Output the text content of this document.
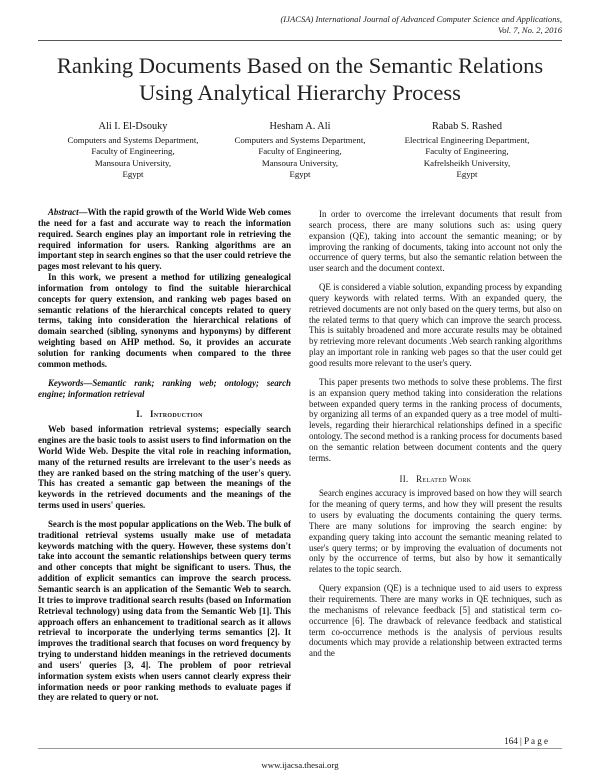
(IJACSA) International Journal of Advanced Computer Science and Applications,
Vol. 7, No. 2, 2016
Ranking Documents Based on the Semantic Relations
Using Analytical Hierarchy Process
Ali I. El-Dsouky
Computers and Systems Department,
Faculty of Engineering,
Mansoura University,
Egypt
Hesham A. Ali
Computers and Systems Department,
Faculty of Engineering,
Mansoura University,
Egypt
Rabab S. Rashed
Electrical Engineering Department,
Faculty of Engineering,
Kafrelsheikh University,
Egypt

Abstract—With the rapid growth of the World Wide Web comes the need for a fast and accurate way to reach the information required. Search engines play an important role in retrieving the required information for users. Ranking algorithms are an important step in search engines so that the user could retrieve the pages most relevant to his query.

In this work, we present a method for utilizing genealogical information from ontology to find the suitable hierarchical concepts for query extension, and ranking web pages based on semantic relations of the hierarchical concepts related to query terms, taking into consideration the hierarchical relations of domain searched (sibling, synonyms and hyponyms) by different weighting based on AHP method. So, it provides an accurate solution for ranking documents when compared to the three common methods.

Keywords—Semantic rank; ranking web; ontology; search engine; information retrieval

I. Introduction

Web based information retrieval systems; especially search engines are the basic tools to assist users to find information on the World Wide Web. Despite the vital role in reaching information, many of the returned results are irrelevant to the user's needs as they are ranked based on the string matching of the user's query. This has created a semantic gap between the meanings of the keywords in the retrieved documents and the meanings of the terms used in users' queries.

Search is the most popular applications on the Web. The bulk of traditional retrieval systems usually make use of metadata keywords matching with the query. However, these systems don't take into account the semantic relationships between query terms and other concepts that might be significant to users. Thus, the addition of explicit semantics can improve the search process. Semantic search is an application of the Semantic Web to search. It tries to improve traditional search results (based on Information Retrieval technology) using data from the Semantic Web [1]. This approach offers an enhancement to traditional search as it allows retrieval to incorporate the underlying terms semantics [2]. It improves the traditional search that focuses on word frequency by trying to understand hidden meanings in the retrieved documents and users' queries [3, 4]. The problem of poor retrieval information system exists when users cannot clearly express their information needs or poor ranking methods to evaluate pages if they are related to query or not.

In order to overcome the irrelevant documents that result from search process, there are many solutions such as: using query expansion (QE), taking into account the semantic meaning; or by improving the ranking of documents, taking into account not only the occurrence of query terms, but also the semantic relation between the user search and the document context.

QE is considered a viable solution, expanding process by expanding query keywords with related terms. With an expanded query, the retrieved documents are not only based on the query terms, but also on the related terms to that query which can improve the search process. This is suitably broadened and more accurate results may be obtained by retrieving more relevant documents .Web search ranking algorithms play an important role in ranking web pages so that the user could get good results more relevant to the user's query.

This paper presents two methods to solve these problems. The first is an expansion query method taking into consideration the relations between expanded query terms in the ranking process of documents, by organizing all terms of an expanded query as a tree model of multi-levels, regarding their hierarchical relationships defined in a specific ontology. The second method is a ranking process for documents based on the semantic relation between document contents and the query terms.

II. Related Work

Search engines accuracy is improved based on how they will search for the meaning of query terms, and how they will present the results to users by evaluating the documents containing the query terms. There are many solutions for improving the search engine: by expanding query taking into account the semantic meaning related to user's query terms; or by improving the evaluation of documents not only by the occurrence of terms, but also by how it semantically relates to the topic search.

Query expansion (QE) is a technique used to aid users to express their requirements. There are many works in QE techniques, such as the mechanisms of relevance feedback [5] and statistical term co-occurrence [6]. The drawback of relevance feedback and statistical term co-occurrence methods is the analysis of pervious results documents which may provide a relationship between extracted terms and the

164 | P a g e
www.ijacsa.thesai.org
